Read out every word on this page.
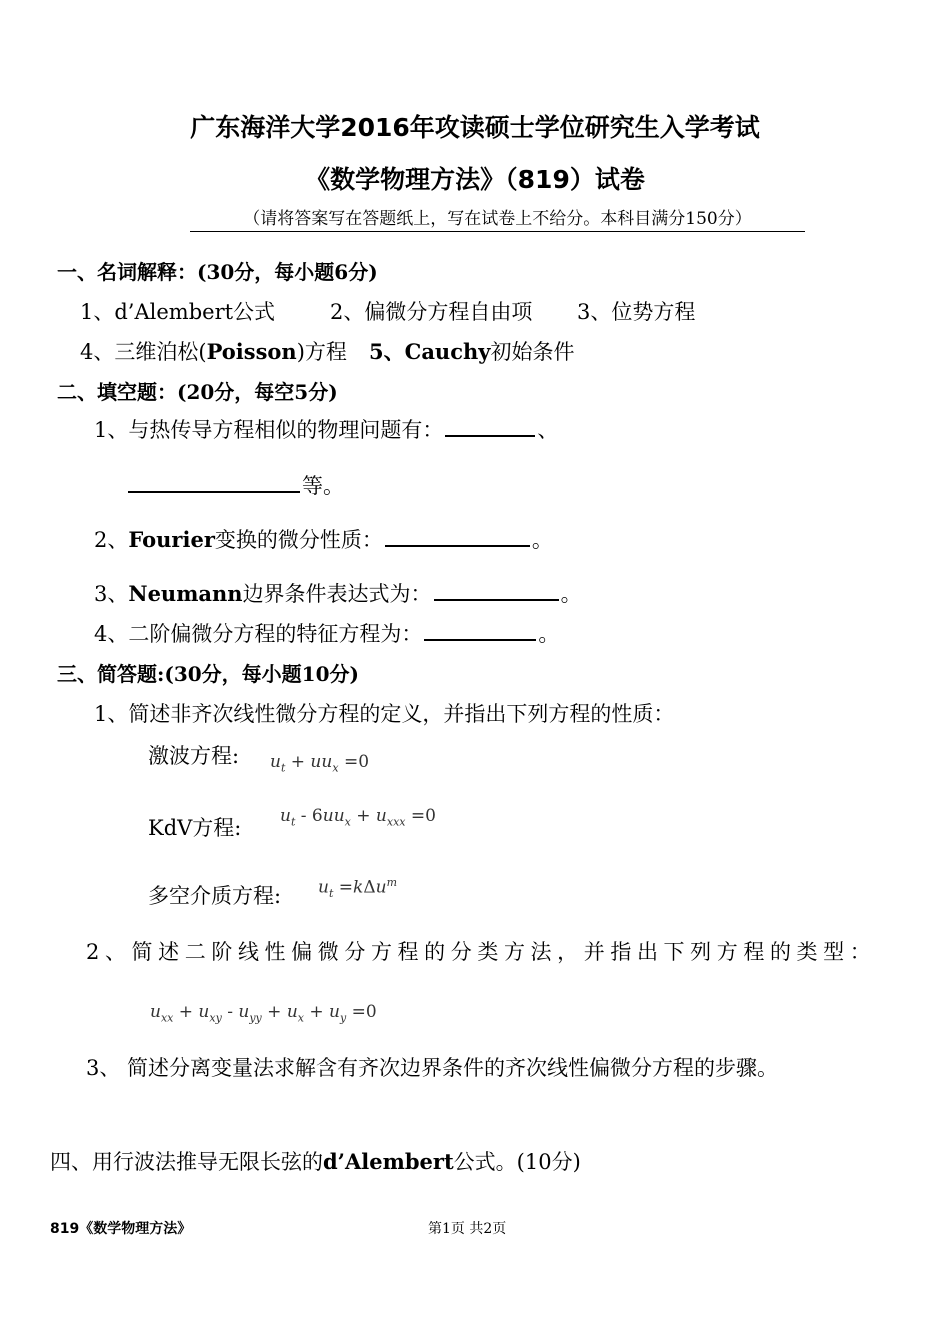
广东海洋大学2016年攻读硕士学位研究生入学考试
《数学物理方法》（819）试卷
（请将答案写在答题纸上，写在试卷上不给分。本科目满分150分）
一、名词解释：(30分，每小题6分)
1、d’Alembert公式	2、偏微分方程自由项 3、位势方程
4、三维泊松(Poisson)方程 5、Cauchy初始条件
二、填空题：(20分，每空5分)
1、与热传导方程相似的物理问题有：	、
等。
2、Fourier变换的微分性质：	。
3、Neumann边界条件表达式为：	。
4、二阶偏微分方程的特征方程为：	。
三、简答题:(30分，每小题10分)
1、简述非齐次线性微分方程的定义，并指出下列方程的性质：
激波方程: $u_t + uu_x =0$
KdV方程: $u_t - 6uu_x + u_{xxx} =0$
多空介质方程: $u_t =k\Delta u^m$
2、简述二阶线性偏微分方程的分类方法，并指出下列方程的类型：
$u_{xx} + u_{xy} - u_{yy} + u_x + u_y =0$
3、 简述分离变量法求解含有齐次边界条件的齐次线性偏微分方程的步骤。
四、用行波法推导无限长弦的d’Alembert公式。(10分)
819《数学物理方法》	第1页 共2页
